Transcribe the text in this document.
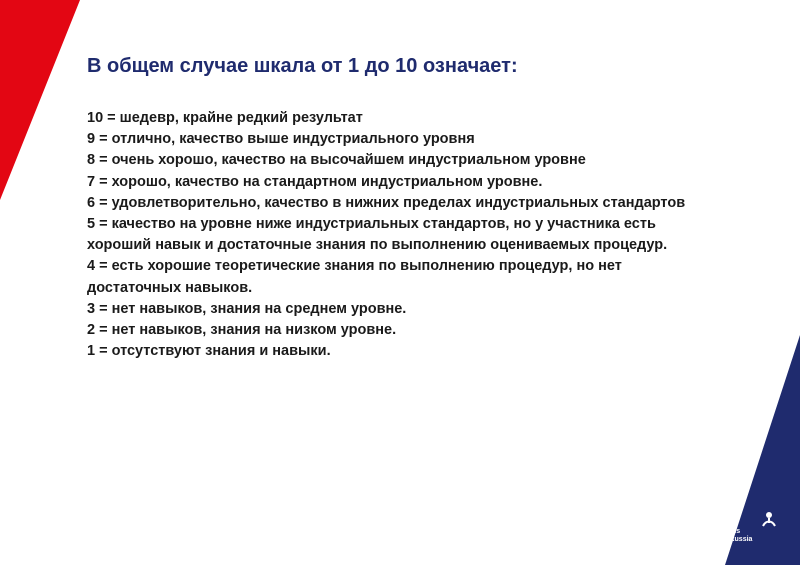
В общем случае шкала от 1 до 10 означает:
10 = шедевр, крайне редкий результат
9 = отлично, качество выше индустриального уровня
8 = очень хорошо, качество на высочайшем индустриальном уровне
7 = хорошо, качество на стандартном индустриальном уровне.
6 = удовлетворительно, качество в нижних пределах индустриальных стандартов
5 = качество на уровне ниже индустриальных стандартов, но у участника есть хороший навык и достаточные знания по выполнению оцениваемых процедур.
4 = есть хорошие теоретические знания по выполнению процедур, но нет достаточных навыков.
3 = нет навыков, знания на среднем уровне.
2 = нет навыков, знания на низком уровне.
1 = отсутствуют знания и навыки.
молодые worldskills
профессионалы Russia
